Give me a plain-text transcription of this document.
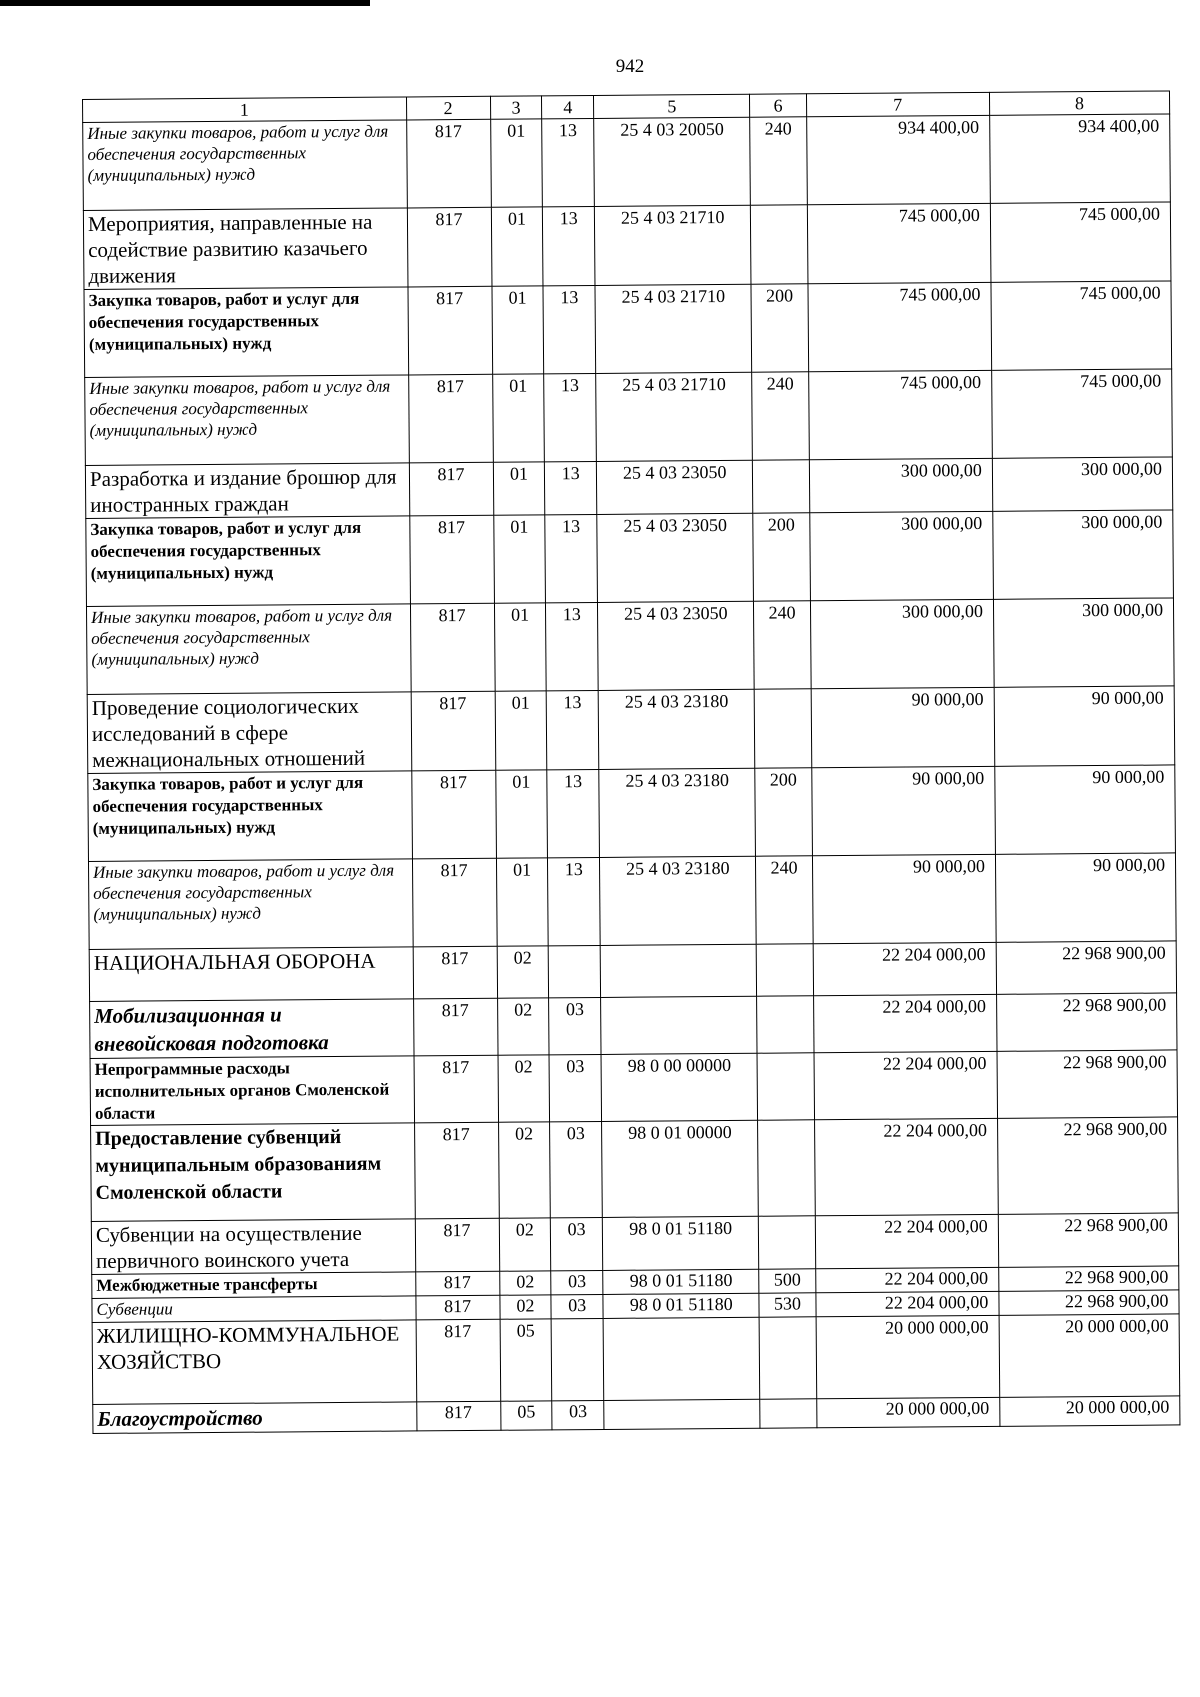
942
1	2	3	4	5	6	7	8
Иные закупки товаров, работ и услуг для обеспечения государственных (муниципальных) нужд	817	01	13	25 4 03 20050	240	934 400,00	934 400,00
Мероприятия, направленные на содействие развитию казачьего движения	817	01	13	25 4 03 21710		745 000,00	745 000,00
Закупка товаров, работ и услуг для обеспечения государственных (муниципальных) нужд	817	01	13	25 4 03 21710	200	745 000,00	745 000,00
Иные закупки товаров, работ и услуг для обеспечения государственных (муниципальных) нужд	817	01	13	25 4 03 21710	240	745 000,00	745 000,00
Разработка и издание брошюр для иностранных граждан	817	01	13	25 4 03 23050		300 000,00	300 000,00
Закупка товаров, работ и услуг для обеспечения государственных (муниципальных) нужд	817	01	13	25 4 03 23050	200	300 000,00	300 000,00
Иные закупки товаров, работ и услуг для обеспечения государственных (муниципальных) нужд	817	01	13	25 4 03 23050	240	300 000,00	300 000,00
Проведение социологических исследований в сфере межнациональных отношений	817	01	13	25 4 03 23180		90 000,00	90 000,00
Закупка товаров, работ и услуг для обеспечения государственных (муниципальных) нужд	817	01	13	25 4 03 23180	200	90 000,00	90 000,00
Иные закупки товаров, работ и услуг для обеспечения государственных (муниципальных) нужд	817	01	13	25 4 03 23180	240	90 000,00	90 000,00
НАЦИОНАЛЬНАЯ ОБОРОНА	817	02				22 204 000,00	22 968 900,00
Мобилизационная и вневойсковая подготовка	817	02	03			22 204 000,00	22 968 900,00
Непрограммные расходы исполнительных органов Смоленской области	817	02	03	98 0 00 00000		22 204 000,00	22 968 900,00
Предоставление субвенций муниципальным образованиям Смоленской области	817	02	03	98 0 01 00000		22 204 000,00	22 968 900,00
Субвенции на осуществление первичного воинского учета	817	02	03	98 0 01 51180		22 204 000,00	22 968 900,00
Межбюджетные трансферты	817	02	03	98 0 01 51180	500	22 204 000,00	22 968 900,00
Субвенции	817	02	03	98 0 01 51180	530	22 204 000,00	22 968 900,00
ЖИЛИЩНО-КОММУНАЛЬНОЕ ХОЗЯЙСТВО	817	05				20 000 000,00	20 000 000,00
Благоустройство	817	05	03			20 000 000,00	20 000 000,00
